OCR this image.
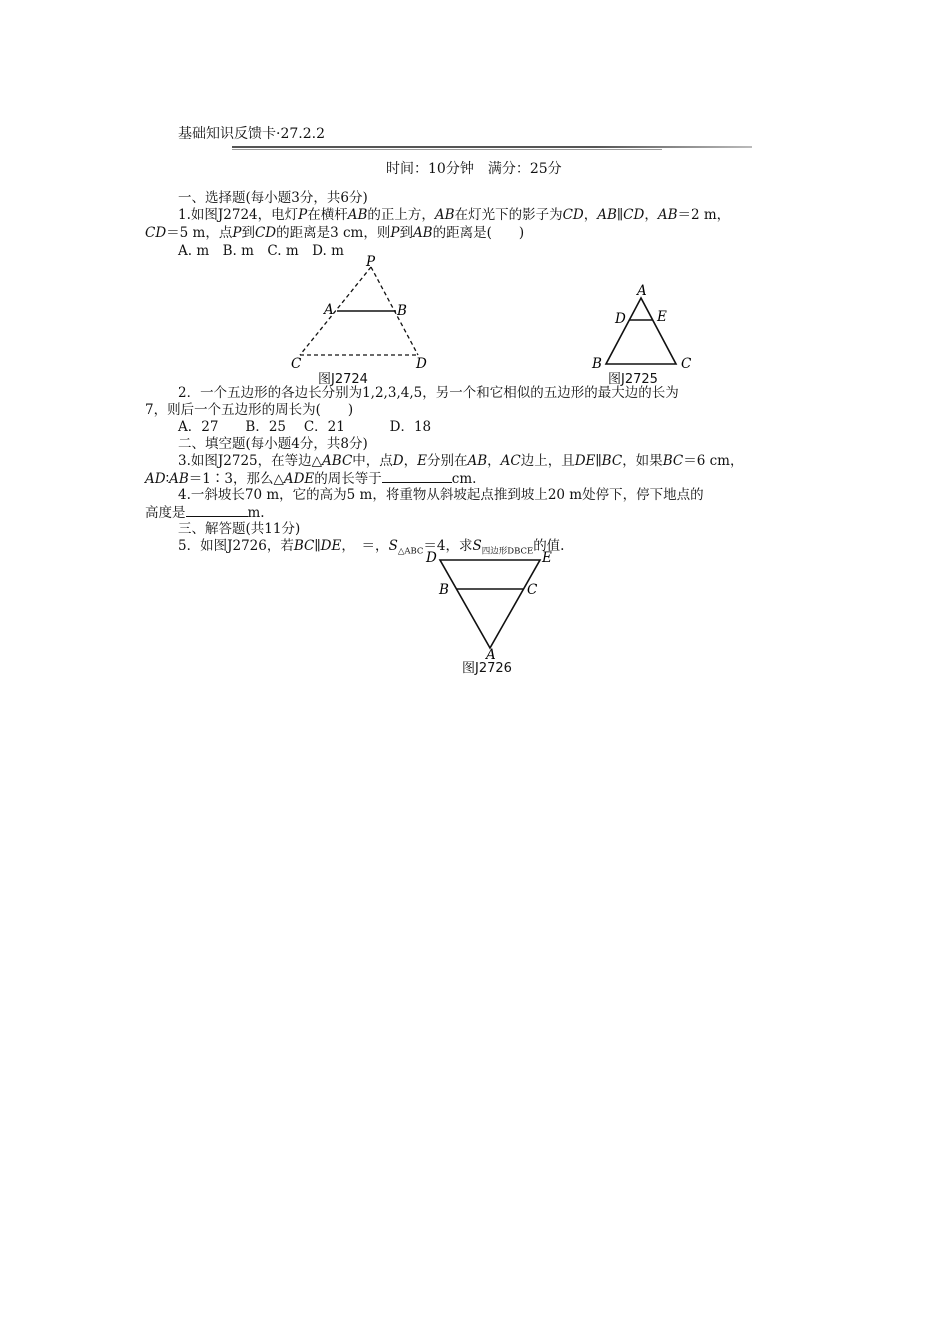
基础知识反馈卡·27.2.2
时间：10分钟　满分：25分
一、选择题(每小题3分，共6分)
1.如图J2724，电灯P在横杆AB的正上方，AB在灯光下的影子为CD，AB∥CD，AB＝2 m，
CD＝5 m，点P到CD的距离是3 cm，则P到AB的距离是(　　)
A. m　B. m　C. m　D. m
P
A	B
C	D
图J2724
A
D E
B	C
图J2725
2．一个五边形的各边长分别为1,2,3,4,5，另一个和它相似的五边形的最大边的长为
7，则后一个五边形的周长为(　　)
A．27　　B．25　 C．21　　　 D．18
二、填空题(每小题4分，共8分)
3.如图J2725，在等边△ABC中，点D，E分别在AB，AC边上，且DE∥BC，如果BC＝6 cm，
AD∶AB＝1∶3，那么△ADE的周长等于	cm.
4.一斜坡长70 m，它的高为5 m，将重物从斜坡起点推到坡上20 m处停下，停下地点的
高度是	m.
三、解答题(共11分)
5．如图J2726，若BC∥DE，　＝，$S_{\triangle ABC}=4$，求$S_{四边形DBCE}$的值.
D	E
B	C
A
图J2726
